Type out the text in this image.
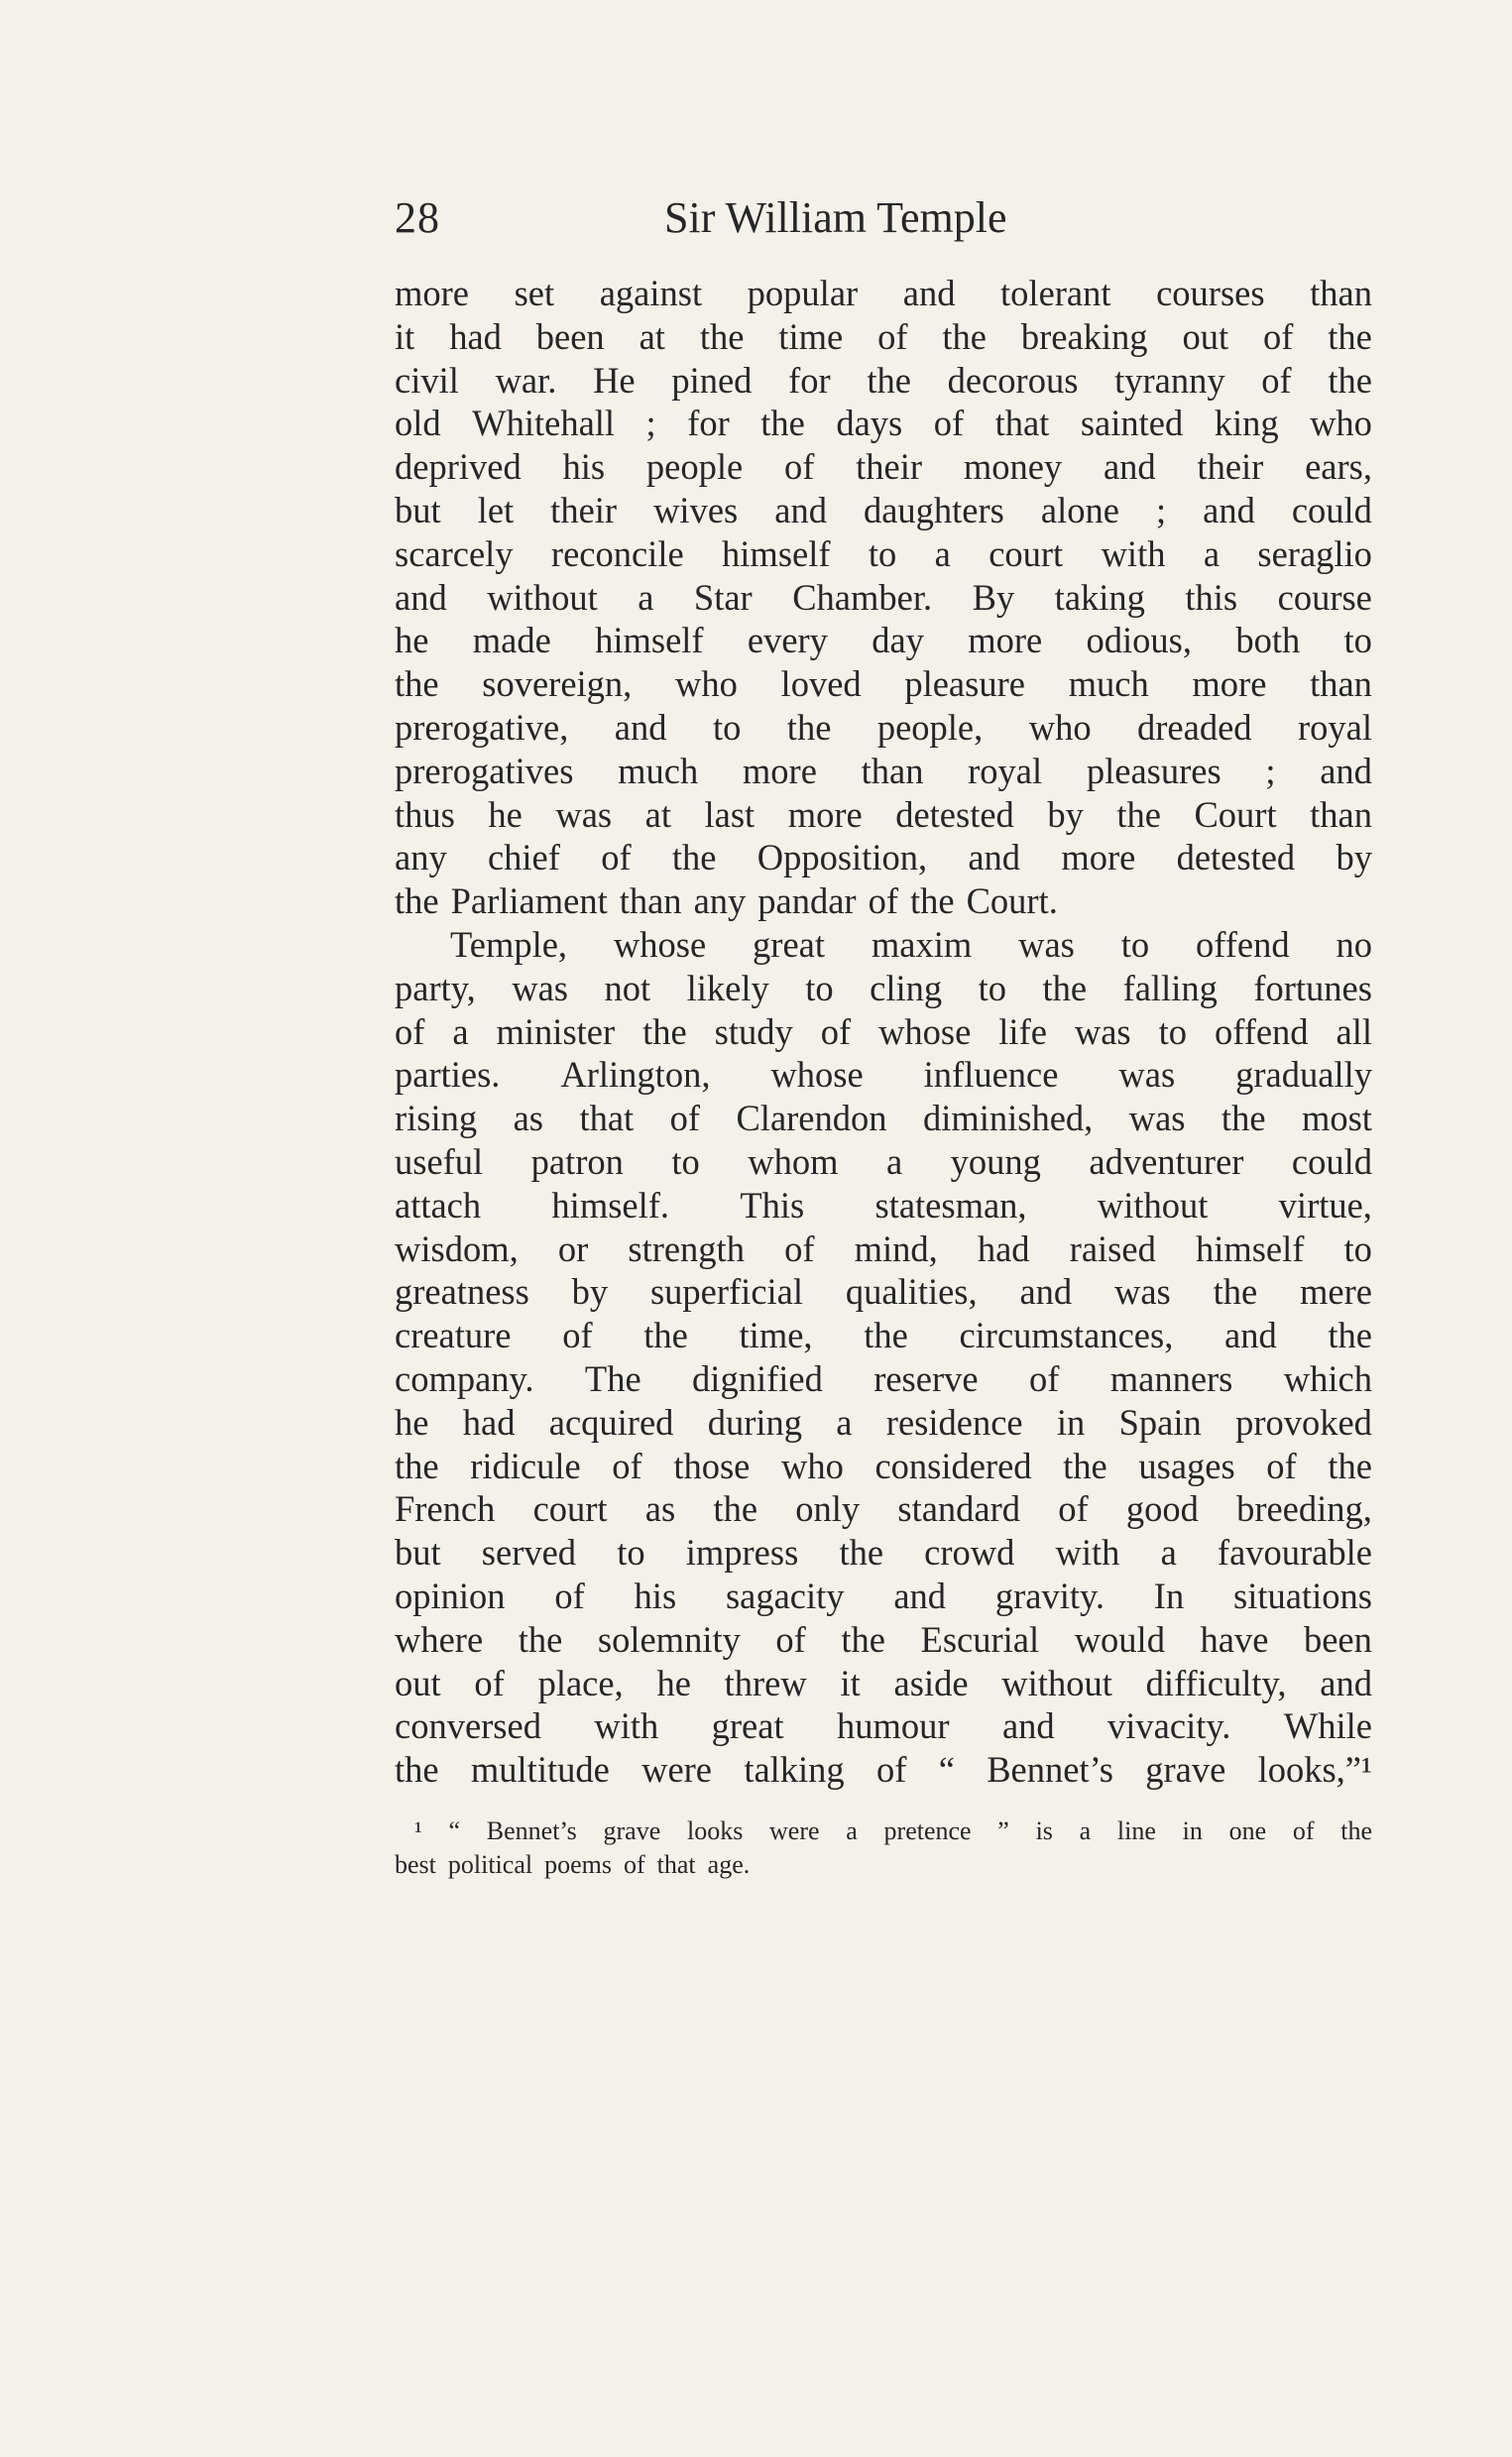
28	Sir William Temple
more set against popular and tolerant courses than
it had been at the time of the breaking out of the
civil war. He pined for the decorous tyranny of the
old Whitehall ; for the days of that sainted king who
deprived his people of their money and their ears,
but let their wives and daughters alone ; and could
scarcely reconcile himself to a court with a seraglio
and without a Star Chamber. By taking this course
he made himself every day more odious, both to
the sovereign, who loved pleasure much more than
prerogative, and to the people, who dreaded royal
prerogatives much more than royal pleasures ; and
thus he was at last more detested by the Court than
any chief of the Opposition, and more detested by
the Parliament than any pandar of the Court.
Temple, whose great maxim was to offend no
party, was not likely to cling to the falling fortunes
of a minister the study of whose life was to offend all
parties. Arlington, whose influence was gradually
rising as that of Clarendon diminished, was the most
useful patron to whom a young adventurer could
attach himself. This statesman, without virtue,
wisdom, or strength of mind, had raised himself to
greatness by superficial qualities, and was the mere
creature of the time, the circumstances, and the
company. The dignified reserve of manners which
he had acquired during a residence in Spain provoked
the ridicule of those who considered the usages of the
French court as the only standard of good breeding,
but served to impress the crowd with a favourable
opinion of his sagacity and gravity. In situations
where the solemnity of the Escurial would have been
out of place, he threw it aside without difficulty, and
conversed with great humour and vivacity. While
the multitude were talking of “ Bennet’s grave looks,”¹
¹ “ Bennet’s grave looks were a pretence ” is a line in one of the
best political poems of that age.
